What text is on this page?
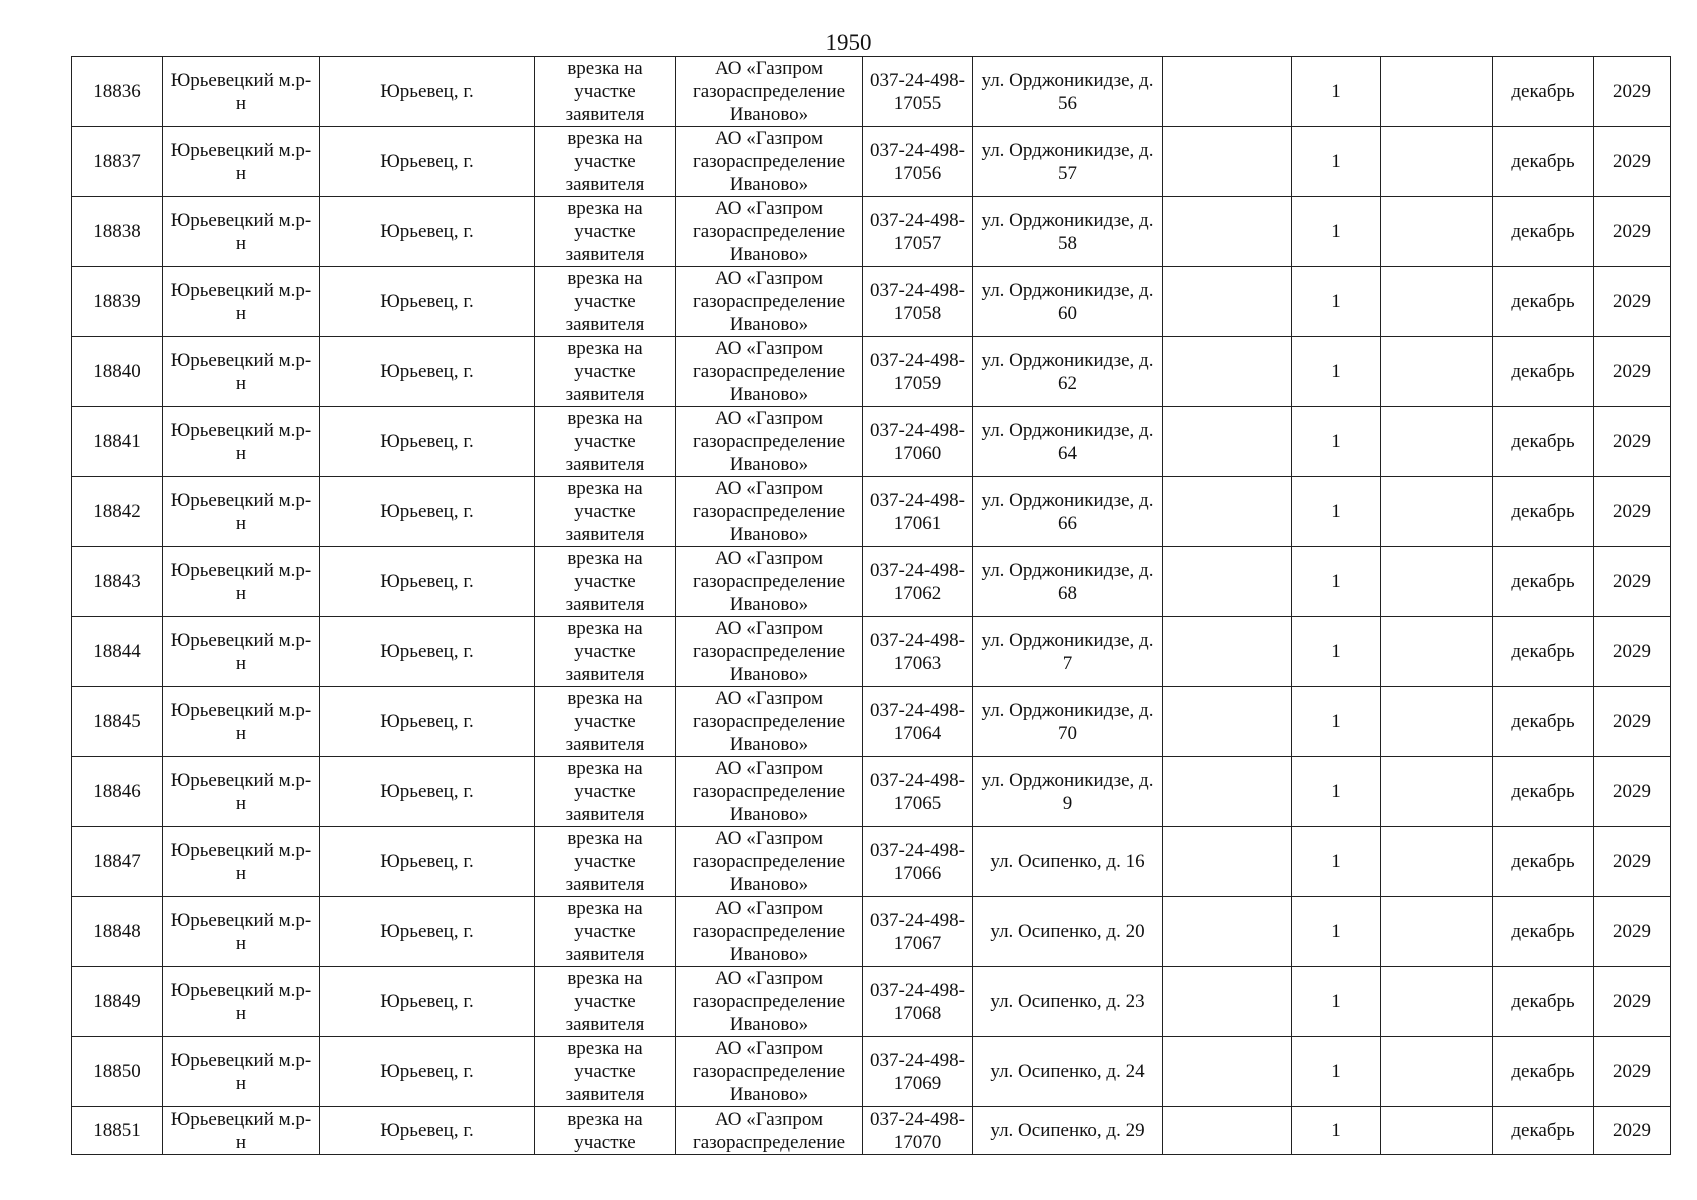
1950
18836	Юрьевецкий м.р-н	Юрьевец, г.	врезка на участке заявителя	АО «Газпром газораспределение Иваново»	037-24-498-17055	ул. Орджоникидзе, д. 56		1		декабрь	2029
18837	Юрьевецкий м.р-н	Юрьевец, г.	врезка на участке заявителя	АО «Газпром газораспределение Иваново»	037-24-498-17056	ул. Орджоникидзе, д. 57		1		декабрь	2029
18838	Юрьевецкий м.р-н	Юрьевец, г.	врезка на участке заявителя	АО «Газпром газораспределение Иваново»	037-24-498-17057	ул. Орджоникидзе, д. 58		1		декабрь	2029
18839	Юрьевецкий м.р-н	Юрьевец, г.	врезка на участке заявителя	АО «Газпром газораспределение Иваново»	037-24-498-17058	ул. Орджоникидзе, д. 60		1		декабрь	2029
18840	Юрьевецкий м.р-н	Юрьевец, г.	врезка на участке заявителя	АО «Газпром газораспределение Иваново»	037-24-498-17059	ул. Орджоникидзе, д. 62		1		декабрь	2029
18841	Юрьевецкий м.р-н	Юрьевец, г.	врезка на участке заявителя	АО «Газпром газораспределение Иваново»	037-24-498-17060	ул. Орджоникидзе, д. 64		1		декабрь	2029
18842	Юрьевецкий м.р-н	Юрьевец, г.	врезка на участке заявителя	АО «Газпром газораспределение Иваново»	037-24-498-17061	ул. Орджоникидзе, д. 66		1		декабрь	2029
18843	Юрьевецкий м.р-н	Юрьевец, г.	врезка на участке заявителя	АО «Газпром газораспределение Иваново»	037-24-498-17062	ул. Орджоникидзе, д. 68		1		декабрь	2029
18844	Юрьевецкий м.р-н	Юрьевец, г.	врезка на участке заявителя	АО «Газпром газораспределение Иваново»	037-24-498-17063	ул. Орджоникидзе, д. 7		1		декабрь	2029
18845	Юрьевецкий м.р-н	Юрьевец, г.	врезка на участке заявителя	АО «Газпром газораспределение Иваново»	037-24-498-17064	ул. Орджоникидзе, д. 70		1		декабрь	2029
18846	Юрьевецкий м.р-н	Юрьевец, г.	врезка на участке заявителя	АО «Газпром газораспределение Иваново»	037-24-498-17065	ул. Орджоникидзе, д. 9		1		декабрь	2029
18847	Юрьевецкий м.р-н	Юрьевец, г.	врезка на участке заявителя	АО «Газпром газораспределение Иваново»	037-24-498-17066	ул. Осипенко, д. 16		1		декабрь	2029
18848	Юрьевецкий м.р-н	Юрьевец, г.	врезка на участке заявителя	АО «Газпром газораспределение Иваново»	037-24-498-17067	ул. Осипенко, д. 20		1		декабрь	2029
18849	Юрьевецкий м.р-н	Юрьевец, г.	врезка на участке заявителя	АО «Газпром газораспределение Иваново»	037-24-498-17068	ул. Осипенко, д. 23		1		декабрь	2029
18850	Юрьевецкий м.р-н	Юрьевец, г.	врезка на участке заявителя	АО «Газпром газораспределение Иваново»	037-24-498-17069	ул. Осипенко, д. 24		1		декабрь	2029
18851	Юрьевецкий м.р-н	Юрьевец, г.	врезка на участке	АО «Газпром газораспределение	037-24-498-17070	ул. Осипенко, д. 29		1		декабрь	2029
